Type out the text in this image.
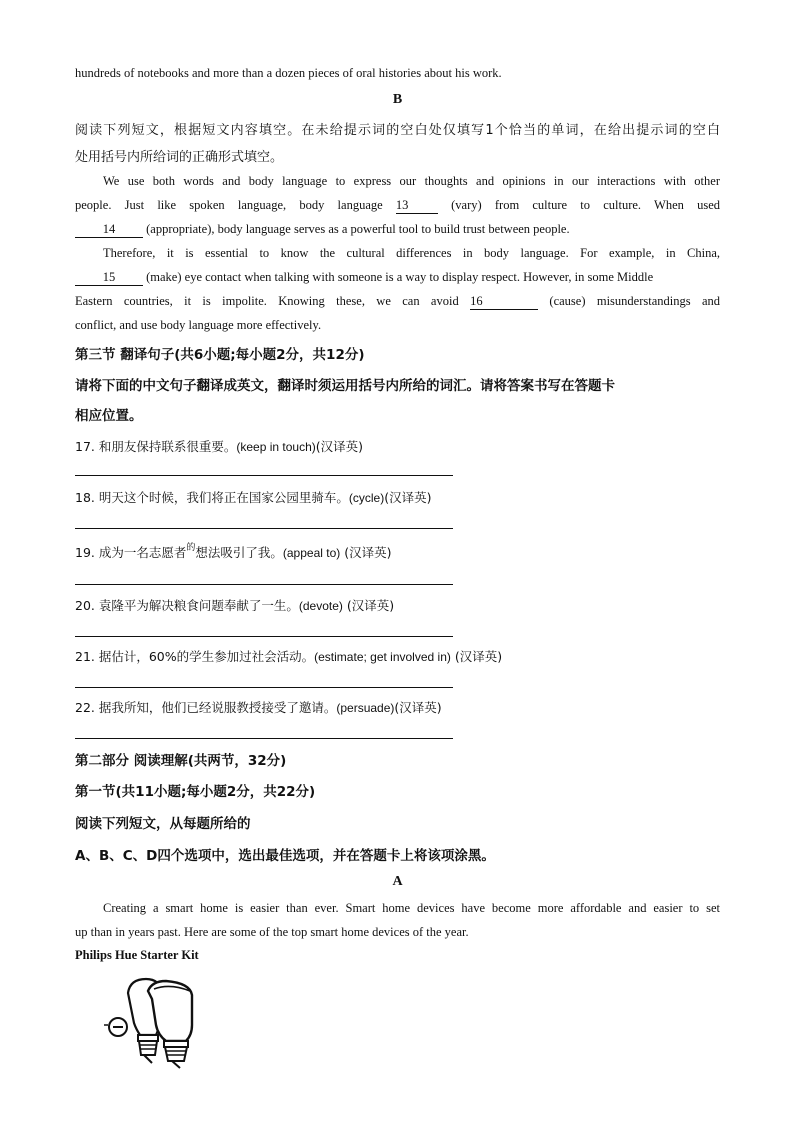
hundreds of notebooks and more than a dozen pieces of oral histories about his work.
B
阅读下列短文，根据短文内容填空。在未给提示词的空白处仅填写1个恰当的单词，在给出提示词的空白
处用括号内所给词的正确形式填空。
We use both words and body language to express our thoughts and opinions in our interactions with other
people. Just like spoken language, body language 13	(vary) from culture to culture. When used
14 (appropriate), body language serves as a powerful tool to build trust between people.
Therefore, it is essential to know the cultural differences in body language. For example, in China,
15 (make) eye contact when talking with someone is a way to display respect. However, in some Middle
Eastern countries, it is impolite. Knowing these, we can avoid 16	(cause) misunderstandings and
conflict, and use body language more effectively.
第三节 翻译句子(共6小题;每小题2分，共12分)
请将下面的中文句子翻译成英文，翻译时须运用括号内所给的词汇。请将答案书写在答题卡
相应位置。
17. 和朋友保持联系很重要。(keep in touch)(汉译英)
18. 明天这个时候，我们将正在国家公园里骑车。(cycle)(汉译英)
19. 成为一名志愿者$^的$想法吸引了我。(appeal to) (汉译英)
20. 袁隆平为解决粮食问题奉献了一生。(devote) (汉译英)
21. 据估计，60%的学生参加过社会活动。(estimate; get involved in) (汉译英)
22. 据我所知，他们已经说服教授接受了邀请。(persuade)(汉译英)
第二部分 阅读理解(共两节，32分)
第一节(共11小题;每小题2分，共22分)
阅读下列短文，从每题所给的
A、B、C、D四个选项中，选出最佳选项，并在答题卡上将该项涂黑。
A
Creating a smart home is easier than ever. Smart home devices have become more affordable and easier to set
up than in years past. Here are some of the top smart home devices of the year.
Philips Hue Starter Kit
